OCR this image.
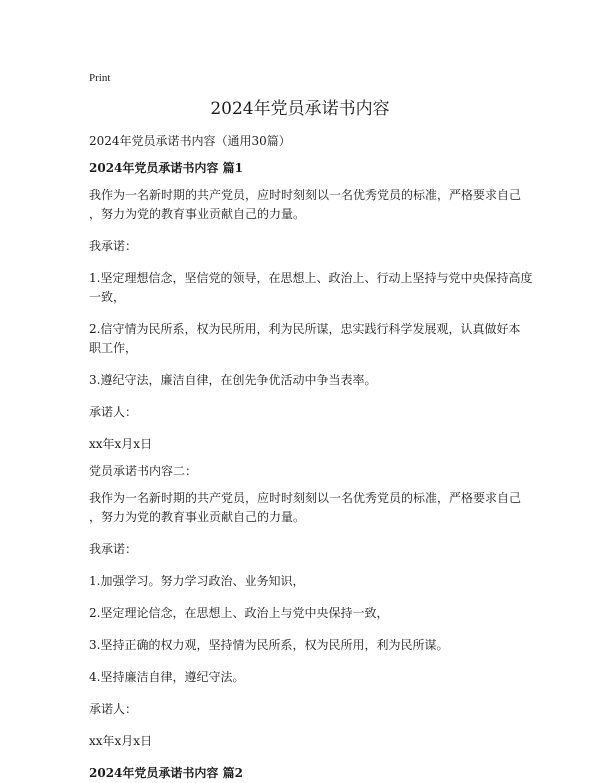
Print
2024年党员承诺书内容

2024年党员承诺书内容（通用30篇）

2024年党员承诺书内容 篇1

我作为一名新时期的共产党员，应时时刻刻以一名优秀党员的标准，严格要求自己

，努力为党的教育事业贡献自己的力量。

我承诺：

1.坚定理想信念，坚信党的领导，在思想上、政治上、行动上坚持与党中央保持高度

一致，

2.信守情为民所系，权为民所用，利为民所谋，忠实践行科学发展观，认真做好本

职工作，

3.遵纪守法，廉洁自律，在创先争优活动中争当表率。

承诺人：

xx年x月x日

党员承诺书内容二：

我作为一名新时期的共产党员，应时时刻刻以一名优秀党员的标准，严格要求自己

，努力为党的教育事业贡献自己的力量。

我承诺：

1.加强学习。努力学习政治、业务知识，

2.坚定理论信念，在思想上、政治上与党中央保持一致，

3.坚持正确的权力观，坚持情为民所系，权为民所用，利为民所谋。

4.坚持廉洁自律，遵纪守法。

承诺人：

xx年x月x日

2024年党员承诺书内容 篇2
